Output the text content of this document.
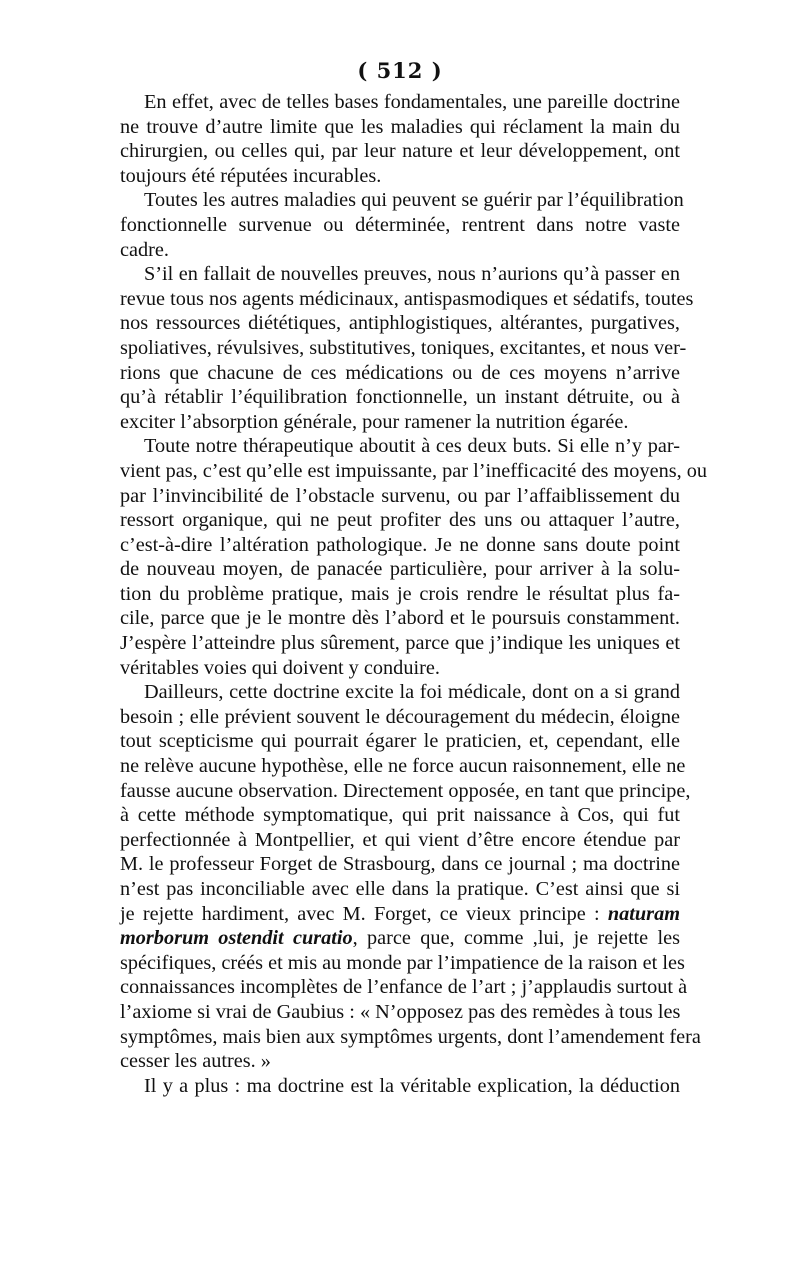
( 512 )
En effet, avec de telles bases fondamentales, une pareille doctrine
ne trouve d’autre limite que les maladies qui réclament la main du
chirurgien, ou celles qui, par leur nature et leur développement, ont
toujours été réputées incurables.
Toutes les autres maladies qui peuvent se guérir par l’équilibration
fonctionnelle survenue ou déterminée, rentrent dans notre vaste
cadre.
S’il en fallait de nouvelles preuves, nous n’aurions qu’à passer en
revue tous nos agents médicinaux, antispasmodiques et sédatifs, toutes
nos ressources diététiques, antiphlogistiques, altérantes, purgatives,
spoliatives, révulsives, substitutives, toniques, excitantes, et nous ver-
rions que chacune de ces médications ou de ces moyens n’arrive
qu’à rétablir l’équilibration fonctionnelle, un instant détruite, ou à
exciter l’absorption générale, pour ramener la nutrition égarée.
Toute notre thérapeutique aboutit à ces deux buts. Si elle n’y par-
vient pas, c’est qu’elle est impuissante, par l’inefficacité des moyens, ou
par l’invincibilité de l’obstacle survenu, ou par l’affaiblissement du
ressort organique, qui ne peut profiter des uns ou attaquer l’autre,
c’est-à-dire l’altération pathologique. Je ne donne sans doute point
de nouveau moyen, de panacée particulière, pour arriver à la solu-
tion du problème pratique, mais je crois rendre le résultat plus fa-
cile, parce que je le montre dès l’abord et le poursuis constamment.
J’espère l’atteindre plus sûrement, parce que j’indique les uniques et
véritables voies qui doivent y conduire.
Dailleurs, cette doctrine excite la foi médicale, dont on a si grand
besoin ; elle prévient souvent le découragement du médecin, éloigne
tout scepticisme qui pourrait égarer le praticien, et, cependant, elle
ne relève aucune hypothèse, elle ne force aucun raisonnement, elle ne
fausse aucune observation. Directement opposée, en tant que principe,
à cette méthode symptomatique, qui prit naissance à Cos, qui fut
perfectionnée à Montpellier, et qui vient d’être encore étendue par
M. le professeur Forget de Strasbourg, dans ce journal ; ma doctrine
n’est pas inconciliable avec elle dans la pratique. C’est ainsi que si
je rejette hardiment, avec M. Forget, ce vieux principe : naturam
morborum ostendit curatio, parce que, comme ,lui, je rejette les
spécifiques, créés et mis au monde par l’impatience de la raison et les
connaissances incomplètes de l’enfance de l’art ; j’applaudis surtout à
l’axiome si vrai de Gaubius : « N’opposez pas des remèdes à tous les
symptômes, mais bien aux symptômes urgents, dont l’amendement fera
cesser les autres. »
Il y a plus : ma doctrine est la véritable explication, la déduction
